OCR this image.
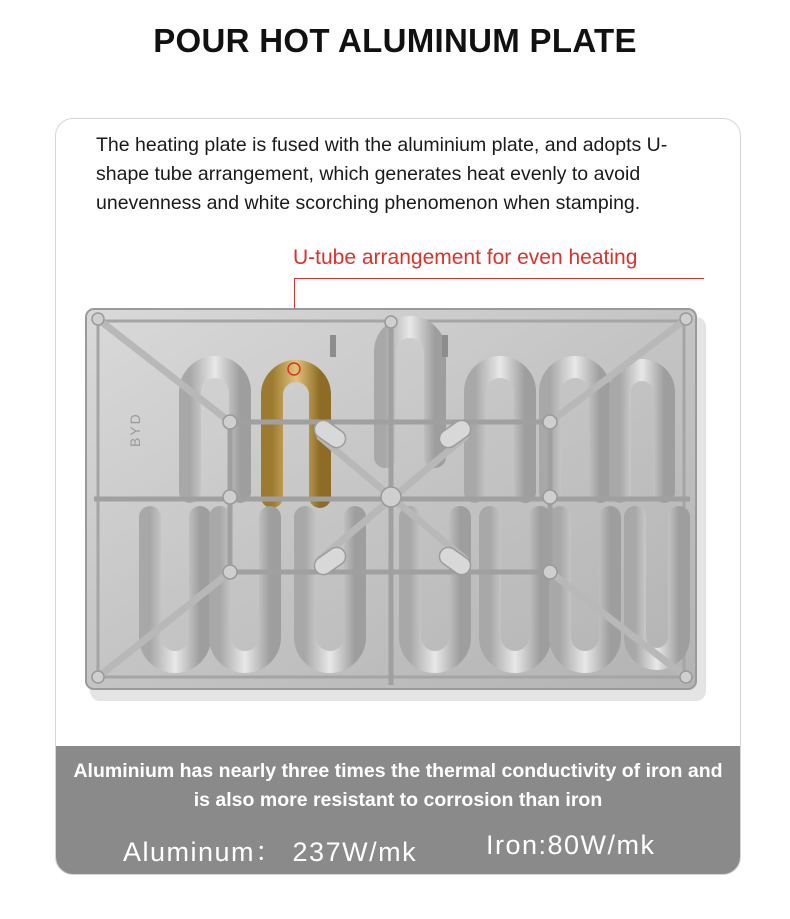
POUR HOT ALUMINUM PLATE
The heating plate is fused with the aluminium plate, and adopts U-shape tube arrangement, which generates heat evenly to avoid unevenness and white scorching phenomenon when stamping.
U-tube arrangement for even heating
BYD
Aluminium has nearly three times the thermal conductivity of iron and is also more resistant to corrosion than iron
Aluminum： 237W/mk	Iron:80W/mk
